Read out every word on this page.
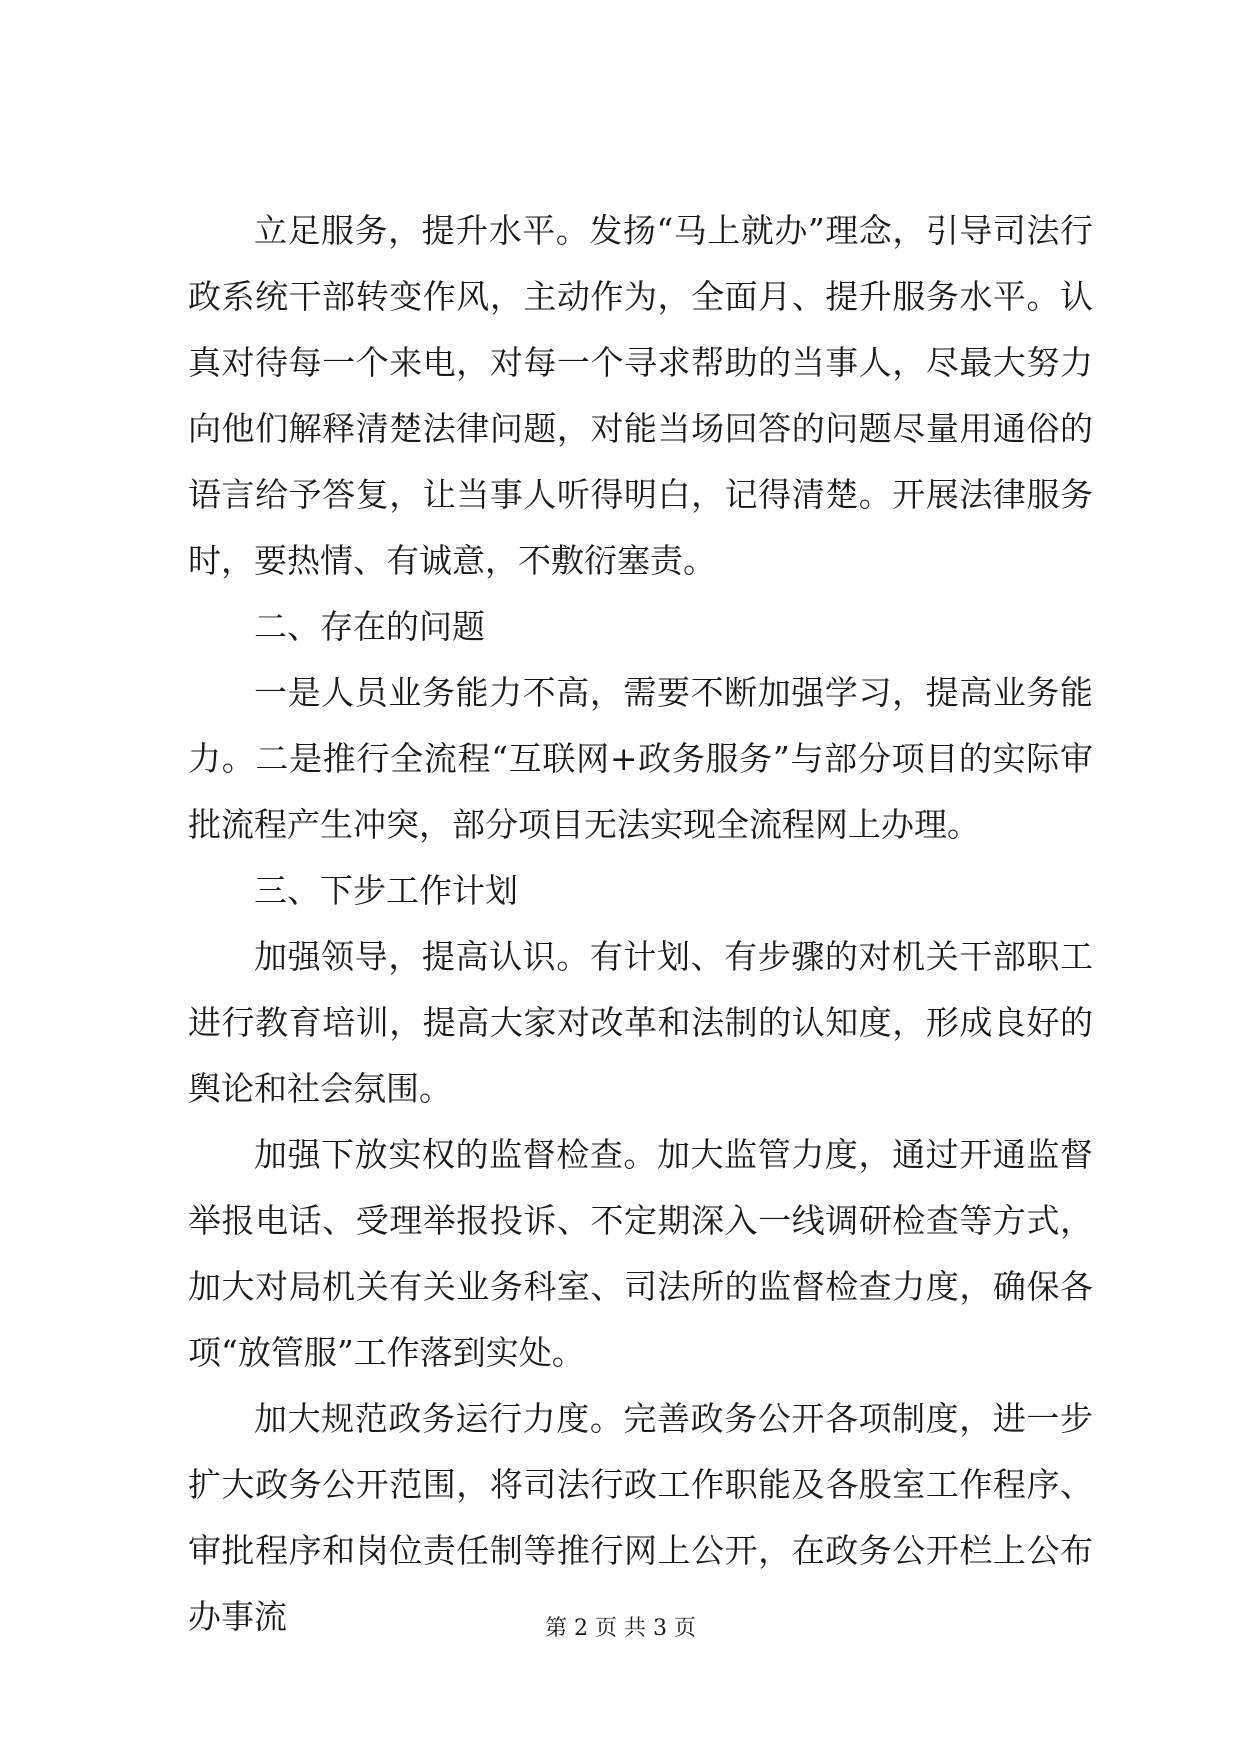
立足服务，提升水平。发扬“马上就办”理念，引导司法行政系统干部转变作风，主动作为，全面月、提升服务水平。认真对待每一个来电，对每一个寻求帮助的当事人，尽最大努力向他们解释清楚法律问题，对能当场回答的问题尽量用通俗的语言给予答复，让当事人听得明白，记得清楚。开展法律服务时，要热情、有诚意，不敷衍塞责。

二、存在的问题

一是人员业务能力不高，需要不断加强学习，提高业务能力。二是推行全流程“互联网+政务服务”与部分项目的实际审批流程产生冲突，部分项目无法实现全流程网上办理。

三、下步工作计划

加强领导，提高认识。有计划、有步骤的对机关干部职工进行教育培训，提高大家对改革和法制的认知度，形成良好的舆论和社会氛围。

加强下放实权的监督检查。加大监管力度，通过开通监督举报电话、受理举报投诉、不定期深入一线调研检查等方式，加大对局机关有关业务科室、司法所的监督检查力度，确保各项“放管服”工作落到实处。

加大规范政务运行力度。完善政务公开各项制度，进一步扩大政务公开范围，将司法行政工作职能及各股室工作程序、审批程序和岗位责任制等推行网上公开，在政务公开栏上公布办事流	第 2 页 共 3 页
